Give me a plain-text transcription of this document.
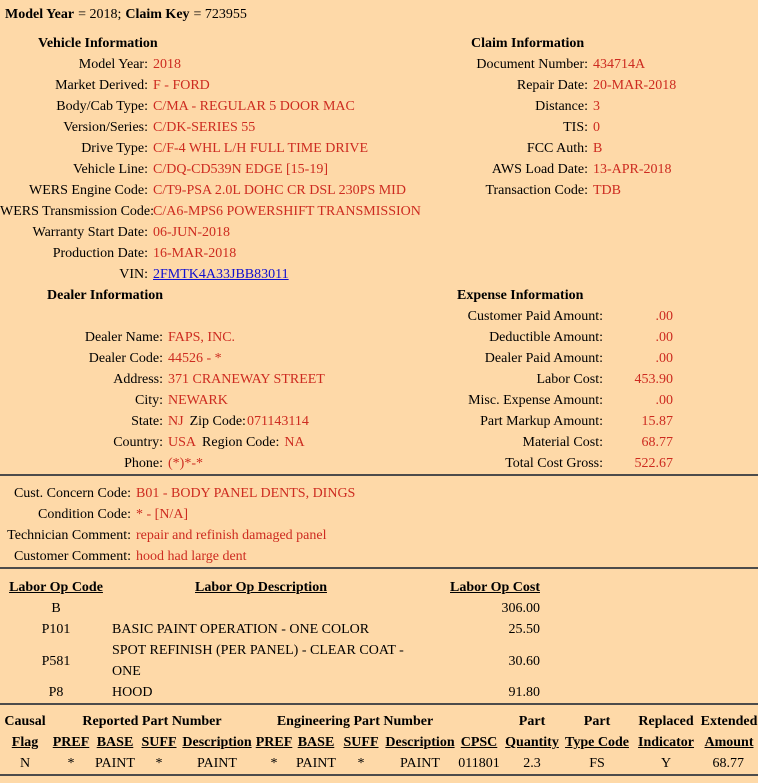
Model Year = 2018; Claim Key = 723955
Vehicle Information
Model Year: 2018
Market Derived: F - FORD
Body/Cab Type: C/MA - REGULAR 5 DOOR MAC
Version/Series: C/DK-SERIES 55
Drive Type: C/F-4 WHL L/H FULL TIME DRIVE
Vehicle Line: C/DQ-CD539N EDGE [15-19]
WERS Engine Code: C/T9-PSA 2.0L DOHC CR DSL 230PS MID
WERS Transmission Code:C/A6-MPS6 POWERSHIFT TRANSMISSION
Warranty Start Date: 06-JUN-2018
Production Date: 16-MAR-2018
VIN: 2FMTK4A33JBB83011
Claim Information
Document Number: 434714A
Repair Date: 20-MAR-2018
Distance: 3
TIS: 0
FCC Auth: B
AWS Load Date: 13-APR-2018
Transaction Code: TDB
Dealer Information
Dealer Name: FAPS, INC.
Dealer Code: 44526 - *
Address: 371 CRANEWAY STREET
City: NEWARK
State: NJ Zip Code:071143114
Country: USA Region Code: NA
Phone: (*)*-*
Expense Information
Customer Paid Amount:	.00
Deductible Amount:	.00
Dealer Paid Amount:	.00
Labor Cost: 453.90
Misc. Expense Amount:	.00
Part Markup Amount:	15.87
Material Cost:	68.77
Total Cost Gross: 522.67
Cust. Concern Code: B01 - BODY PANEL DENTS, DINGS
Condition Code: * - [N/A]
Technician Comment: repair and refinish damaged panel
Customer Comment: hood had large dent
Labor Op Code	Labor Op Description	Labor Op Cost
B		306.00
P101	BASIC PAINT OPERATION - ONE COLOR	25.50
P581	SPOT REFINISH (PER PANEL) - CLEAR COAT - ONE	30.60
P8	HOOD	91.80
Causal	Reported Part Number				Engineering Part Number					Part	Part	Replaced	Extended
Flag	PREF	BASE	SUFF	Description	PREF	BASE	SUFF	Description	CPSC	Quantity	Type Code	Indicator	Amount
N	*	PAINT	*	PAINT	*	PAINT	*	PAINT	011801	2.3	FS	Y	68.77
